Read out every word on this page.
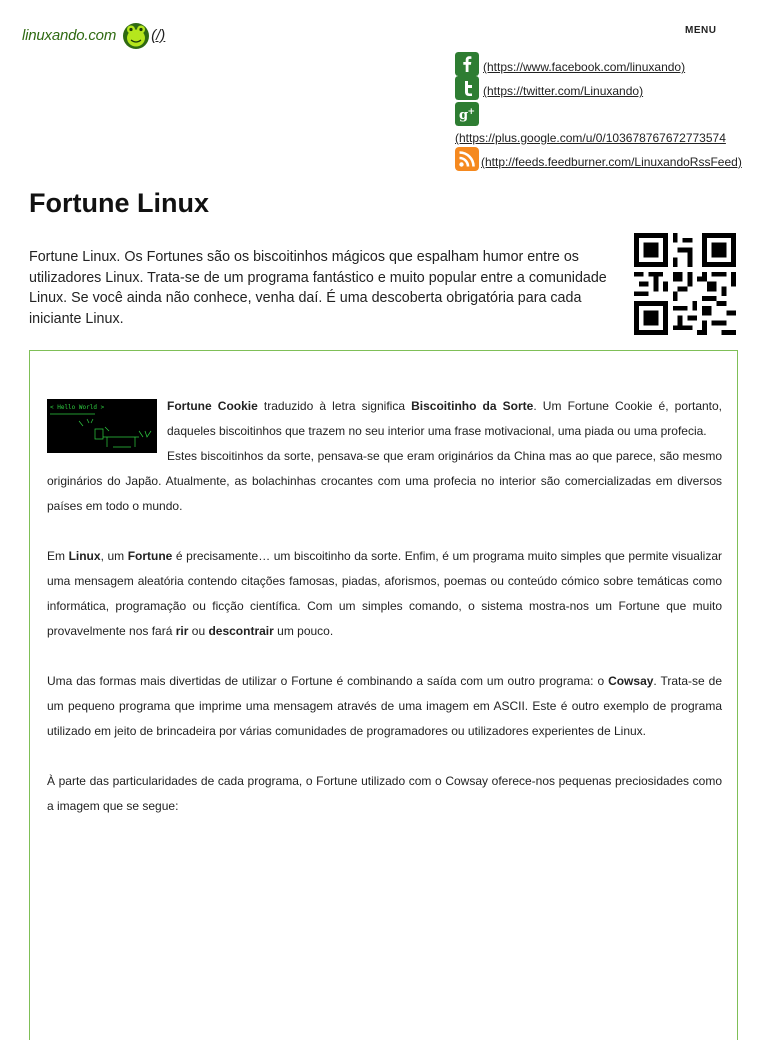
linuxando.com (/)	MENU
(https://www.facebook.com/linuxando)
(https://twitter.com/Linuxando)
g +
(https://plus.google.com/u/0/103678767672773574
(http://feeds.feedburner.com/LinuxandoRssFeed)
Fortune Linux

Fortune Linux. Os Fortunes são os biscoitinhos mágicos que espalham humor entre os utilizadores Linux. Trata-se de um programa fantástico e muito popular entre a comunidade Linux. Se você ainda não conhece, venha daí. É uma descoberta obrigatória para cada iniciante Linux.

< Hello World >	Fortune Cookie traduzido à letra significa Biscoitinho da Sorte. Um Fortune Cookie é, portanto, daqueles biscoitinhos que trazem no seu interior uma frase motivacional, uma piada ou uma profecia.

Estes biscoitinhos da sorte, pensava-se que eram originários da China mas ao que parece, são mesmo originários do Japão. Atualmente, as bolachinhas crocantes com uma profecia no interior são comercializadas em diversos países em todo o mundo.

Em Linux, um Fortune é precisamente… um biscoitinho da sorte. Enfim, é um programa muito simples que permite visualizar uma mensagem aleatória contendo citações famosas, piadas, aforismos, poemas ou conteúdo cómico sobre temáticas como informática, programação ou ficção científica. Com um simples comando, o sistema mostra-nos um Fortune que muito provavelmente nos fará rir ou descontrair um pouco.

Uma das formas mais divertidas de utilizar o Fortune é combinando a saída com um outro programa: o Cowsay. Trata-se de um pequeno programa que imprime uma mensagem através de uma imagem em ASCII. Este é outro exemplo de programa utilizado em jeito de brincadeira por várias comunidades de programadores ou utilizadores experientes de Linux.

À parte das particularidades de cada programa, o Fortune utilizado com o Cowsay oferece-nos pequenas preciosidades como a imagem que se segue:
